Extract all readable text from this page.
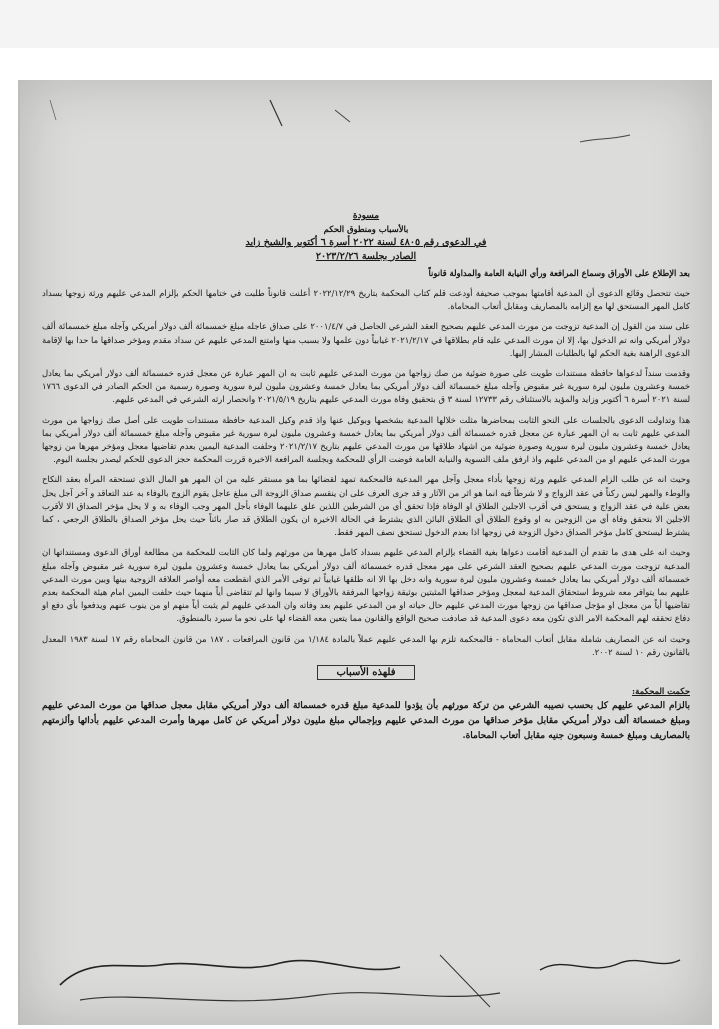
مسودة
بالأسباب ومنطوق الحكم
في الدعوى رقم ٤٨٠٥ لسنة ٢٠٢٢ أسرة ٦ أكتوبر والشيخ زايد
الصادر بجلسة ٢٠٢٣/٢/٢٦

بعد الإطلاع على الأوراق وسماع المرافعة ورأي النيابة العامة والمداولة قانوناً

حيث تتحصل وقائع الدعوى أن المدعية أقامتها بموجب صحيفة أودعت قلم كتاب المحكمة بتاريخ ٢٠٢٢/١٢/٢٩ أعلنت قانوناً طلبت في ختامها الحكم بإلزام المدعي عليهم ورثة زوجها بسداد كامل المهر المستحق لها مع إلزامه بالمصاريف ومقابل أتعاب المحاماة.

على سند من القول إن المدعية تزوجت من مورث المدعي عليهم بصحيح العقد الشرعي الحاصل في ٢٠٠١/٤/٧ على صداق عاجله مبلغ خمسمائة ألف دولار أمريكي وآجله مبلغ خمسمائة ألف دولار أمريكي وانه تم الدخول بها، إلا ان مورث المدعي عليه قام بطلاقها في ٢٠٢١/٢/١٧ غيابياً دون علمها ولا بسبب منها وامتنع المدعي عليهم عن سداد مقدم ومؤخر صداقها ما حدا بها لإقامة الدعوى الراهنة بغية الحكم لها بالطلبات المشار إليها.

وقدمت سنداً لدعواها حافظة مستندات طويت على صورة ضوئية من صك زواجها من مورث المدعي عليهم ثابت به ان المهر عبارة عن معجل قدره خمسمائة ألف دولار أمريكي بما يعادل خمسة وعشرون مليون ليرة سورية غير مقبوض وآجله مبلغ خمسمائة ألف دولار أمريكي بما يعادل خمسة وعشرون مليون ليرة سورية وصورة رسمية من الحكم الصادر في الدعوى ١٧٦٦ لسنة ٢٠٢١ أسرة ٦ أكتوبر وزايد والمؤيد بالاستئناف رقم ١٢٧٣٣ لسنة ٣ ق بتحقيق وفاة مورث المدعي عليهم بتاريخ ٢٠٢١/٥/١٩ وانحصار ارثه الشرعي في المدعي عليهم.

هذا وتداولت الدعوى بالجلسات على النحو الثابت بمحاضرها مثلت خلالها المدعية بشخصها وبوكيل عنها واذ قدم وكيل المدعية حافظة مستندات طويت على أصل صك زواجها من مورث المدعي عليهم ثابت به ان المهر عبارة عن معجل قدره خمسمائة ألف دولار أمريكي بما يعادل خمسة وعشرون مليون ليرة سورية غير مقبوض وآجله مبلغ خمسمائة ألف دولار أمريكي بما يعادل خمسة وعشرون مليون ليرة سورية وصورة ضوئية من اشهاد طلاقها من مورث المدعي عليهم بتاريخ ٢٠٢١/٢/١٧ وحلفت المدعية اليمين بعدم تقاضيها معجل ومؤخر مهرها من زوجها مورث المدعي عليهم او من المدعي عليهم واذ ارفق ملف التسوية والنيابة العامة فوضت الرأي للمحكمة وبجلسة المرافعة الاخيرة قررت المحكمة حجز الدعوى للحكم ليصدر بجلسة اليوم.

وحيث انه عن طلب الزام المدعي عليهم ورثة زوجها بأداء معجل وآجل مهر المدعية فالمحكمة تمهد لقضائها بما هو مستقر عليه من ان المهر هو المال الذي تستحقه المرأة بعقد النكاح والوطء والمهر ليس ركناً في عقد الزواج و لا شرطاً فيه انما هو اثر من الآثار و قد جرى العرف على ان ينقسم صداق الزوجة الى مبلغ عاجل يقوم الزوج بالوفاء به عند التعاقد و آخر آجل يحل بعض علية في عقد الزواج و يستحق في أقرب الاجلين الطلاق او الوفاة فإذا تحقق أي من الشرطين اللذين علق عليهما الوفاء بأجل المهر وجب الوفاء به و لا يحل مؤخر الصداق الا لأقرب الاجلين الا بتحقق وفاة أي من الزوجين به او وقوع الطلاق أي الطلاق البائن الذي يشترط في الحالة الاخيرة ان يكون الطلاق قد صار بائناً حيث يحل مؤخر الصداق بالطلاق الرجعي ، كما يشترط ليستحق كامل مؤخر الصداق دخول الزوجة في زوجها اذا بعدم الدخول تستحق نصف المهر فقط.

وحيث انه على هدى ما تقدم أن المدعية أقامت دعواها بغية القضاء بإلزام المدعي عليهم بسداد كامل مهرها من مورثهم ولما كان الثابت للمحكمة من مطالعة أوراق الدعوى ومستنداتها ان المدعية تزوجت مورث المدعي عليهم بصحيح العقد الشرعي على مهر معجل قدره خمسمائة ألف دولار أمريكي بما يعادل خمسة وعشرون مليون ليرة سورية غير مقبوض وآجله مبلغ خمسمائة ألف دولار أمريكي بما يعادل خمسة وعشرون مليون ليرة سورية وانه دخل بها الا انه طلقها غيابياً ثم توفى الأمر الذي انقطعت معه أواصر العلاقة الزوجية بينها وبين مورث المدعي عليهم بما يتوافر معه شروط استحقاق المدعية لمعجل ومؤخر صداقها المثبتين بوثيقة زواجها المرفقة بالأوراق لا سيما وانها لم تتقاضى أياً منهما حيث حلفت اليمين امام هيئة المحكمة بعدم تقاضيها أياً من معجل او مؤجل صداقها من زوجها مورث المدعي عليهم حال حياته او من المدعي عليهم بعد وفاته وان المدعي عليهم لم يثبت أياً منهم او من ينوب عنهم ويدفعوا بأي دفع او دفاع تحققه لهم المحكمة الامر الذي تكون معه دعوى المدعية قد صادفت صحيح الواقع والقانون مما يتعين معه القضاء لها على نحو ما سيرد بالمنطوق.

وحيث انه عن المصاريف شاملة مقابل أتعاب المحاماة - فالمحكمة تلزم بها المدعي عليهم عملاً بالمادة ١/١٨٤ من قانون المرافعات ، ١٨٧ من قانون المحاماة رقم ١٧ لسنة ١٩٨٣ المعدل بالقانون رقم ١٠ لسنة ٢٠٠٢.

فلهذه الأسباب
حكمت المحكمة:
بالزام المدعي عليهم كل بحسب نصيبه الشرعي من تركة مورثهم بأن يؤدوا للمدعية مبلغ قدره خمسمائة ألف دولار أمريكي مقابل معجل صداقها من مورث المدعي عليهم ومبلغ خمسمائة ألف دولار أمريكي مقابل مؤخر صداقها من مورث المدعي عليهم وبإجمالي مبلغ مليون دولار أمريكي عن كامل مهرها وأمرت المدعي عليهم بأدائها وألزمتهم بالمصاريف ومبلغ خمسة وسبعون جنيه مقابل أتعاب المحاماة.
